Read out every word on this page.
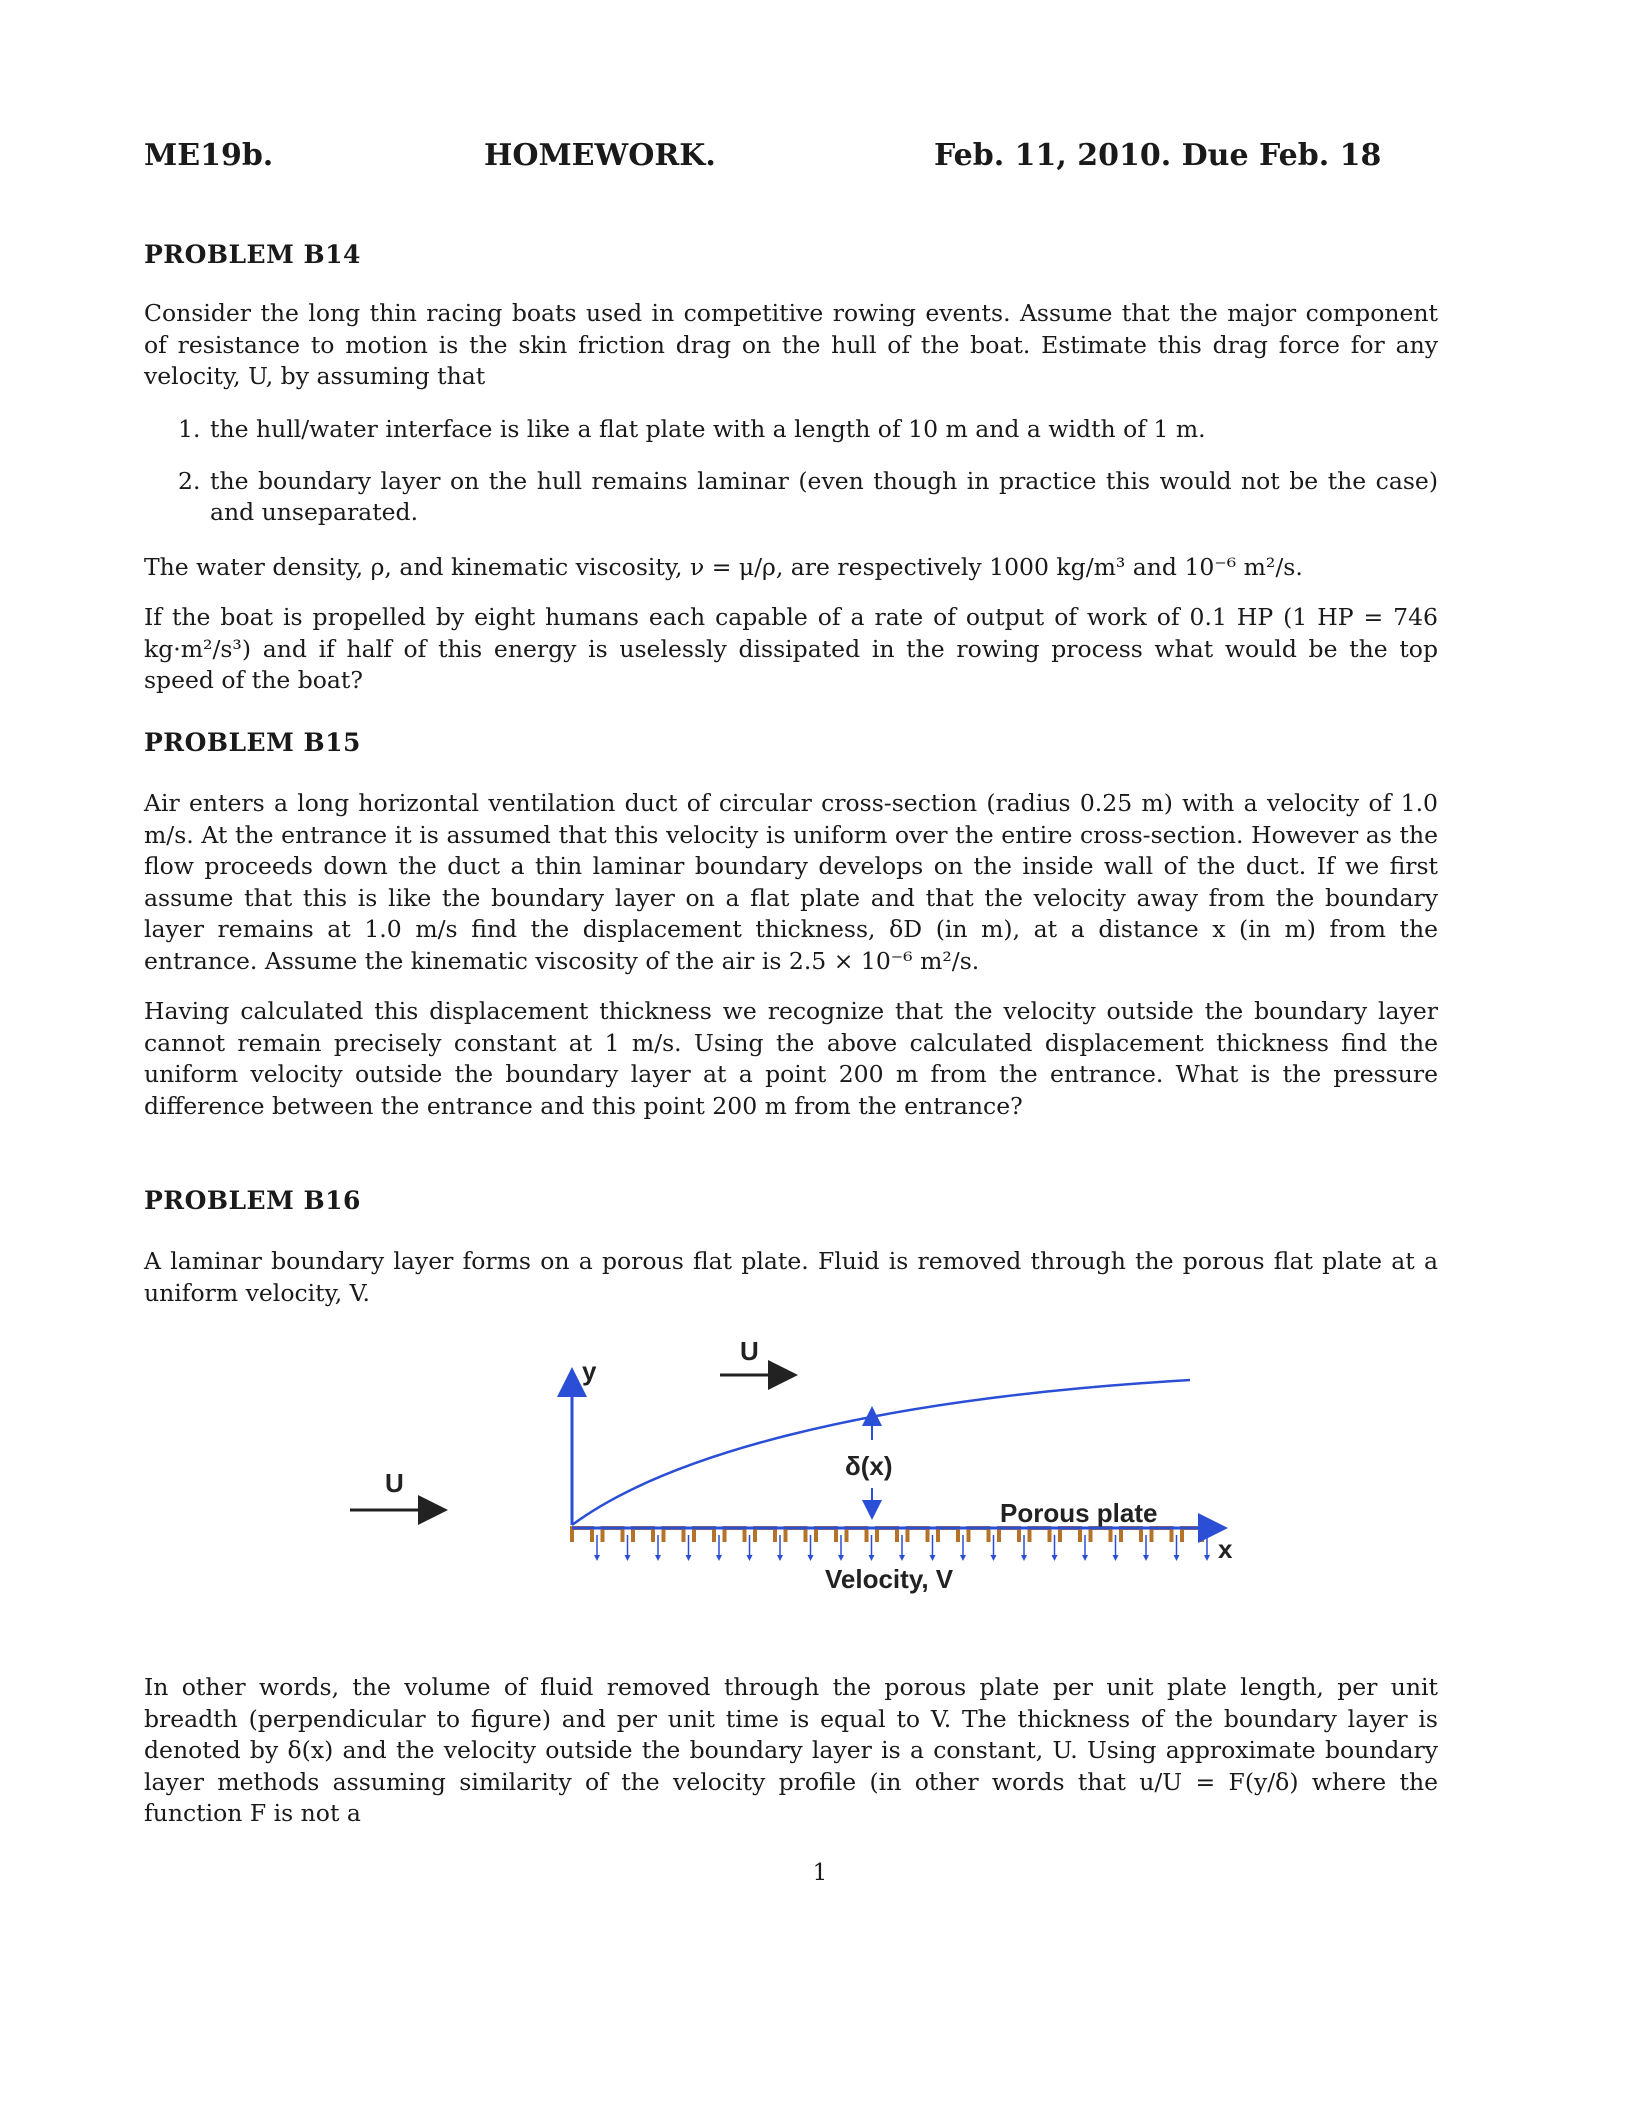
ME19b.	HOMEWORK.	Feb. 11, 2010. Due Feb. 18
PROBLEM B14

Consider the long thin racing boats used in competitive rowing events. Assume that the major component of resistance to motion is the skin friction drag on the hull of the boat. Estimate this drag force for any velocity, U, by assuming that

1. the hull/water interface is like a flat plate with a length of 10 m and a width of 1 m.
2. the boundary layer on the hull remains laminar (even though in practice this would not be the case) and unseparated.

The water density, ρ, and kinematic viscosity, ν = μ/ρ, are respectively 1000 kg/m³ and 10⁻⁶ m²/s.

If the boat is propelled by eight humans each capable of a rate of output of work of 0.1 HP (1 HP = 746 kg·m²/s³) and if half of this energy is uselessly dissipated in the rowing process what would be the top speed of the boat?

PROBLEM B15

Air enters a long horizontal ventilation duct of circular cross-section (radius 0.25 m) with a velocity of 1.0 m/s. At the entrance it is assumed that this velocity is uniform over the entire cross-section. However as the flow proceeds down the duct a thin laminar boundary develops on the inside wall of the duct. If we first assume that this is like the boundary layer on a flat plate and that the velocity away from the boundary layer remains at 1.0 m/s find the displacement thickness, δD (in m), at a distance x (in m) from the entrance. Assume the kinematic viscosity of the air is 2.5 × 10⁻⁶ m²/s.

Having calculated this displacement thickness we recognize that the velocity outside the boundary layer cannot remain precisely constant at 1 m/s. Using the above calculated displacement thickness find the uniform velocity outside the boundary layer at a point 200 m from the entrance. What is the pressure difference between the entrance and this point 200 m from the entrance?

PROBLEM B16

A laminar boundary layer forms on a porous flat plate. Fluid is removed through the porous flat plate at a uniform velocity, V.

U
U
y
δ(x)
Porous plate
x
Velocity, V

In other words, the volume of fluid removed through the porous plate per unit plate length, per unit breadth (perpendicular to figure) and per unit time is equal to V. The thickness of the boundary layer is denoted by δ(x) and the velocity outside the boundary layer is a constant, U. Using approximate boundary layer methods assuming similarity of the velocity profile (in other words that u/U = F(y/δ) where the function F is not a

1
